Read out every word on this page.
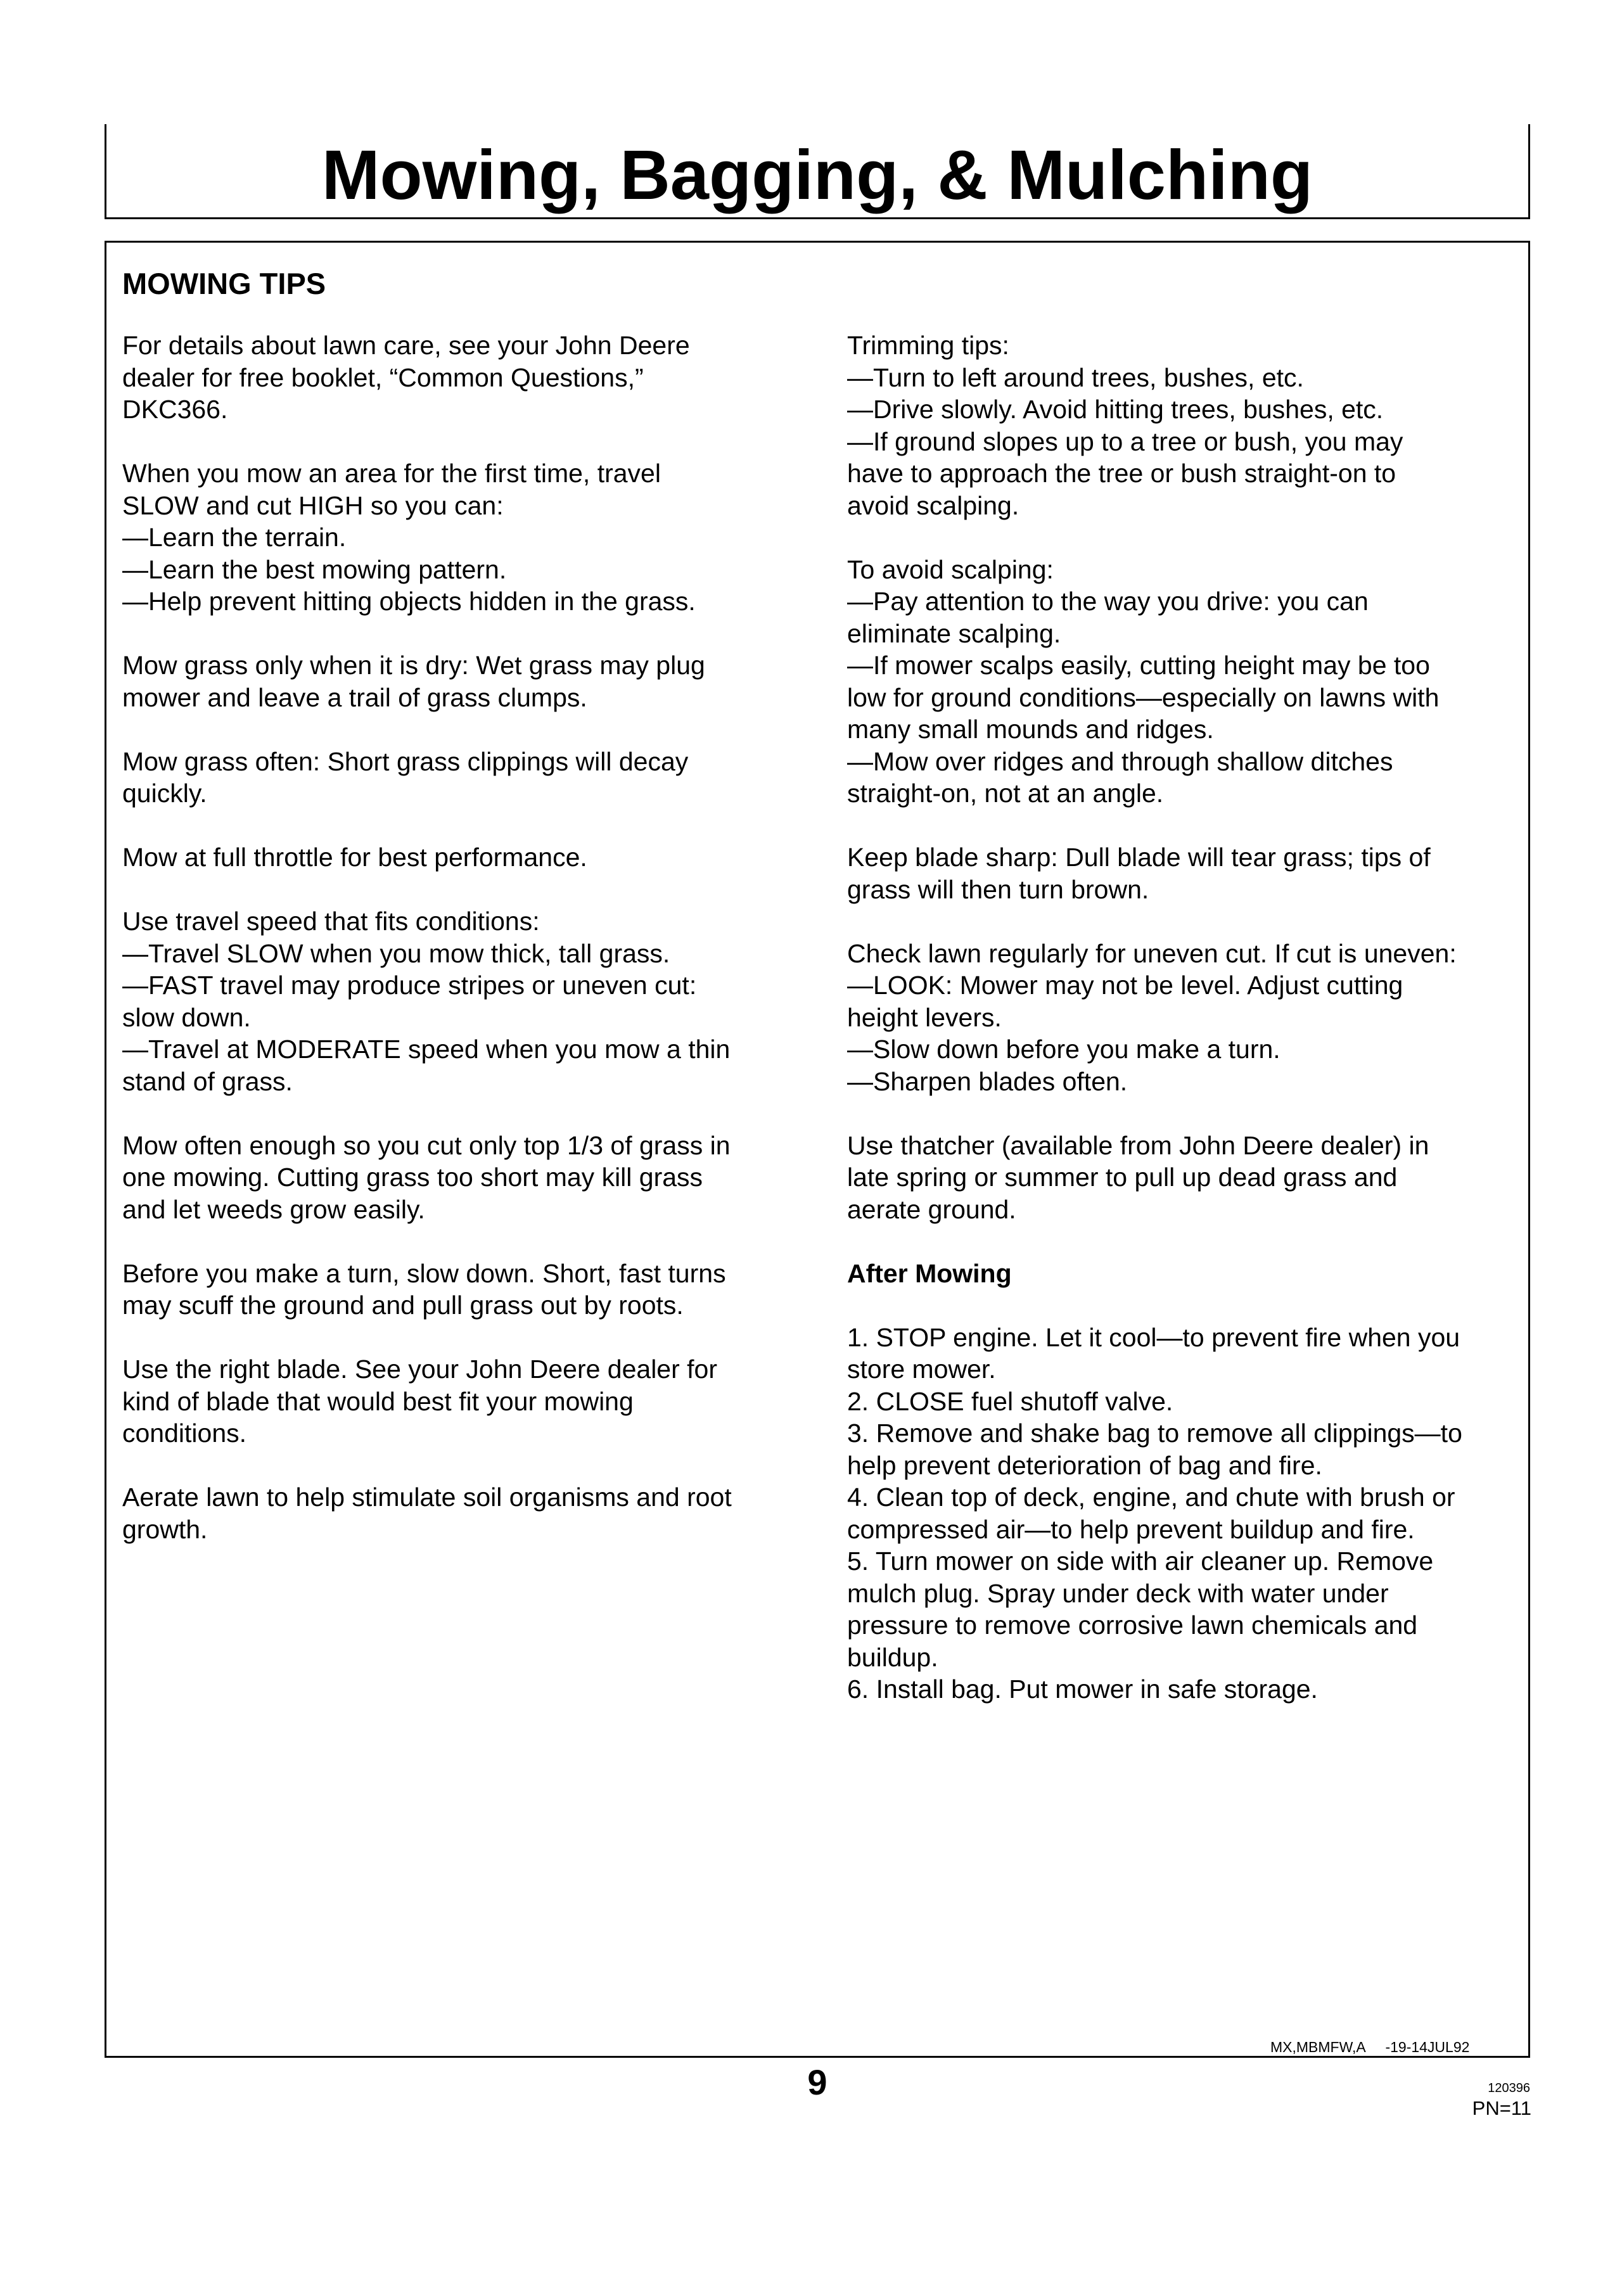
Mowing, Bagging, & Mulching
MOWING TIPS
For details about lawn care, see your John Deere
dealer for free booklet, “Common Questions,”
DKC366.
When you mow an area for the first time, travel
SLOW and cut HIGH so you can:
—Learn the terrain.
—Learn the best mowing pattern.
—Help prevent hitting objects hidden in the grass.
Mow grass only when it is dry: Wet grass may plug
mower and leave a trail of grass clumps.
Mow grass often: Short grass clippings will decay
quickly.
Mow at full throttle for best performance.
Use travel speed that fits conditions:
—Travel SLOW when you mow thick, tall grass.
—FAST travel may produce stripes or uneven cut:
slow down.
—Travel at MODERATE speed when you mow a thin
stand of grass.
Mow often enough so you cut only top 1/3 of grass in
one mowing. Cutting grass too short may kill grass
and let weeds grow easily.
Before you make a turn, slow down. Short, fast turns
may scuff the ground and pull grass out by roots.
Use the right blade. See your John Deere dealer for
kind of blade that would best fit your mowing
conditions.
Aerate lawn to help stimulate soil organisms and root
growth.
Trimming tips:
—Turn to left around trees, bushes, etc.
—Drive slowly. Avoid hitting trees, bushes, etc.
—If ground slopes up to a tree or bush, you may
have to approach the tree or bush straight-on to
avoid scalping.
To avoid scalping:
—Pay attention to the way you drive: you can
eliminate scalping.
—If mower scalps easily, cutting height may be too
low for ground conditions—especially on lawns with
many small mounds and ridges.
—Mow over ridges and through shallow ditches
straight-on, not at an angle.
Keep blade sharp: Dull blade will tear grass; tips of
grass will then turn brown.
Check lawn regularly for uneven cut. If cut is uneven:
—LOOK: Mower may not be level. Adjust cutting
height levers.
—Slow down before you make a turn.
—Sharpen blades often.
Use thatcher (available from John Deere dealer) in
late spring or summer to pull up dead grass and
aerate ground.
After Mowing
1. STOP engine. Let it cool—to prevent fire when you
store mower.
2. CLOSE fuel shutoff valve.
3. Remove and shake bag to remove all clippings—to
help prevent deterioration of bag and fire.
4. Clean top of deck, engine, and chute with brush or
compressed air—to help prevent buildup and fire.
5. Turn mower on side with air cleaner up. Remove
mulch plug. Spray under deck with water under
pressure to remove corrosive lawn chemicals and
buildup.
6. Install bag. Put mower in safe storage.
MX,MBMFW,A     -19-14JUL92
9	120396
PN=11
